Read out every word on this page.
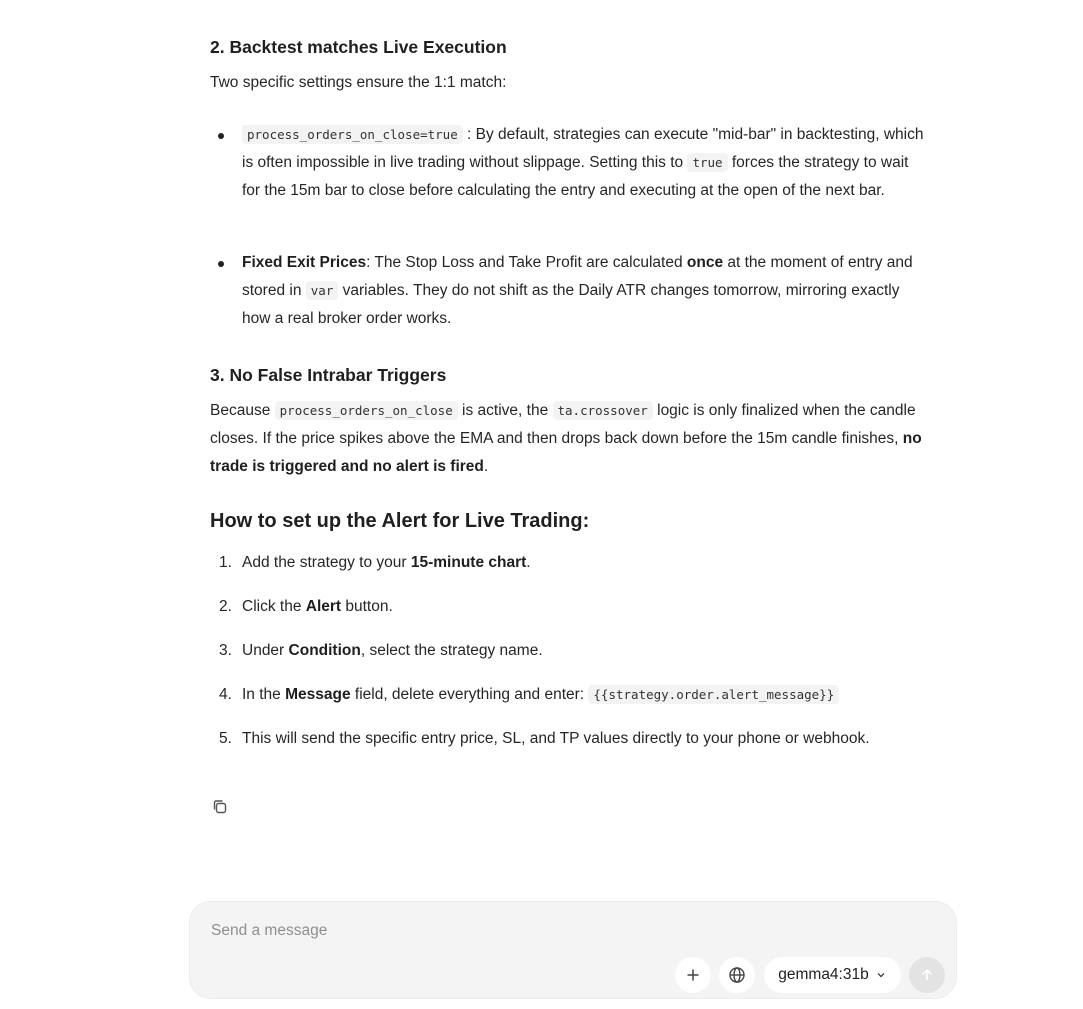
2. Backtest matches Live Execution

Two specific settings ensure the 1:1 match:

process_orders_on_close=true : By default, strategies can execute "mid-bar" in backtesting, which is often impossible in live trading without slippage. Setting this to true forces the strategy to wait for the 15m bar to close before calculating the entry and executing at the open of the next bar.
Fixed Exit Prices: The Stop Loss and Take Profit are calculated once at the moment of entry and stored in var variables. They do not shift as the Daily ATR changes tomorrow, mirroring exactly how a real broker order works.
3. No False Intrabar Triggers

Because process_orders_on_close is active, the ta.crossover logic is only finalized when the candle closes. If the price spikes above the EMA and then drops back down before the 15m candle finishes, no trade is triggered and no alert is fired.

How to set up the Alert for Live Trading:
1. Add the strategy to your 15-minute chart.
2. Click the Alert button.
3. Under Condition, select the strategy name.
4. In the Message field, delete everything and enter: {{strategy.order.alert_message}}
5. This will send the specific entry price, SL, and TP values directly to your phone or webhook.
Send a message
gemma4:31b
